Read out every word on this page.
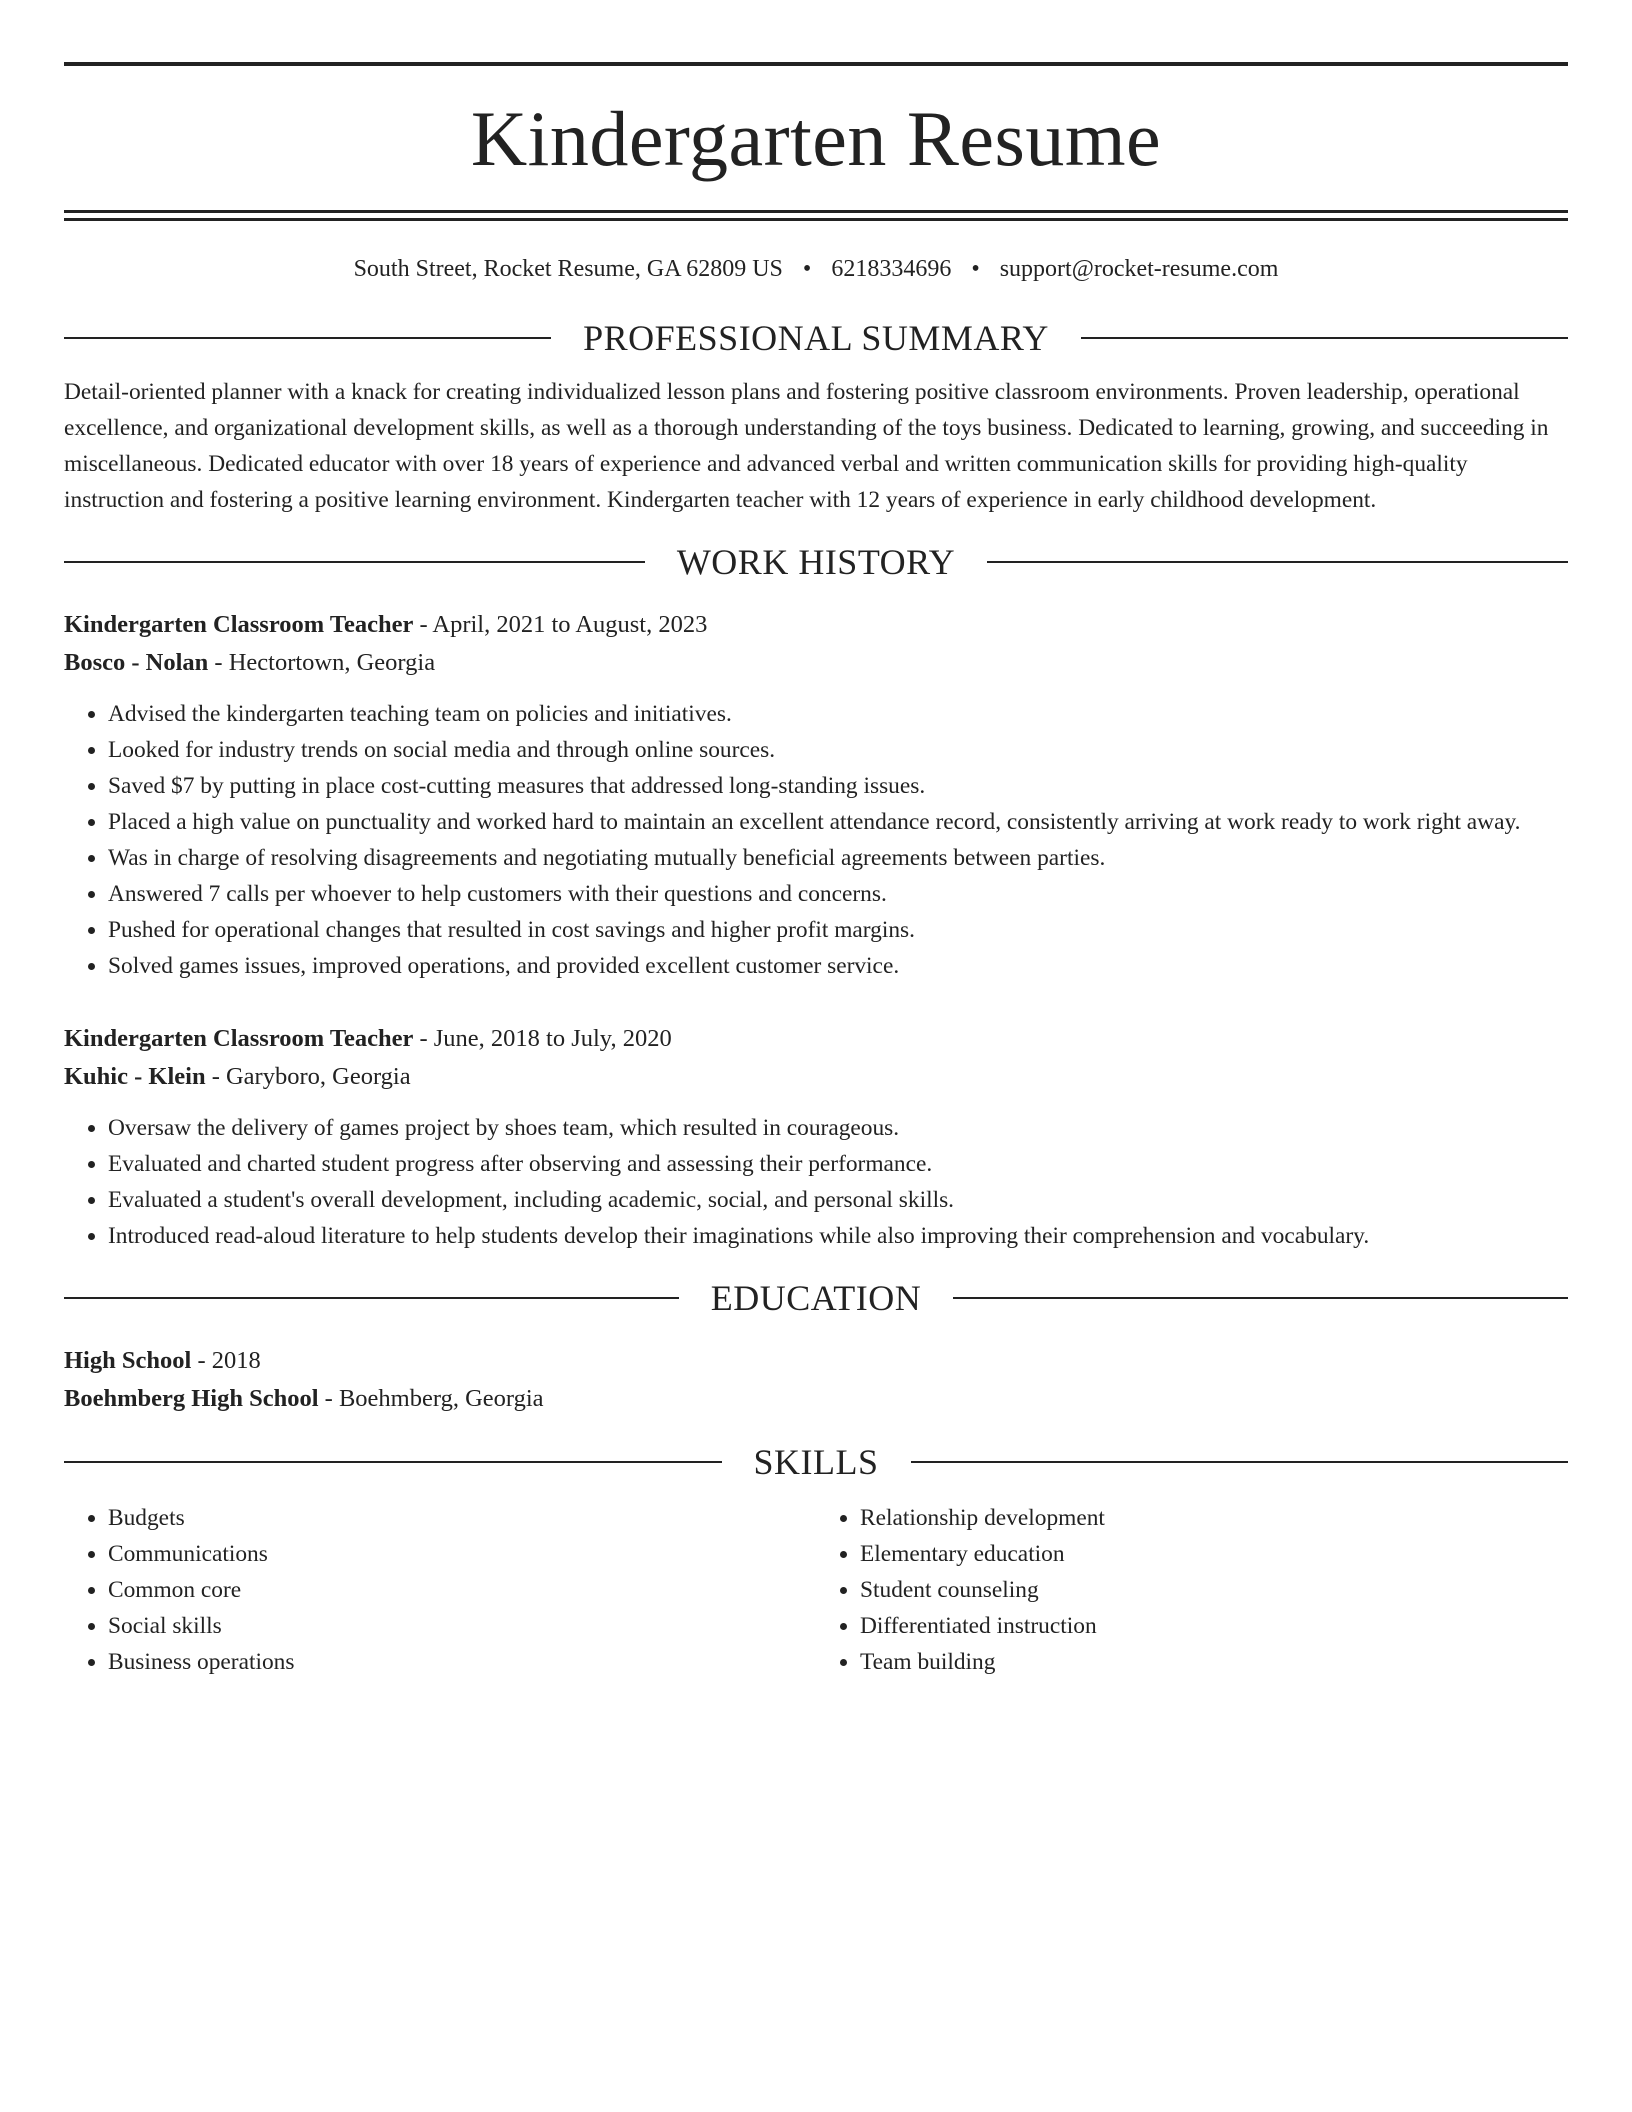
Kindergarten Resume
South Street, Rocket Resume, GA 62809 US • 6218334696 • support@rocket-resume.com
PROFESSIONAL SUMMARY
Detail-oriented planner with a knack for creating individualized lesson plans and fostering positive classroom environments. Proven leadership, operational excellence, and organizational development skills, as well as a thorough understanding of the toys business. Dedicated to learning, growing, and succeeding in miscellaneous. Dedicated educator with over 18 years of experience and advanced verbal and written communication skills for providing high-quality instruction and fostering a positive learning environment. Kindergarten teacher with 12 years of experience in early childhood development.
WORK HISTORY
Kindergarten Classroom Teacher - April, 2021 to August, 2023
Bosco - Nolan - Hectortown, Georgia
• Advised the kindergarten teaching team on policies and initiatives.
• Looked for industry trends on social media and through online sources.
• Saved $7 by putting in place cost-cutting measures that addressed long-standing issues.
• Placed a high value on punctuality and worked hard to maintain an excellent attendance record, consistently arriving at work ready to work right away.
• Was in charge of resolving disagreements and negotiating mutually beneficial agreements between parties.
• Answered 7 calls per whoever to help customers with their questions and concerns.
• Pushed for operational changes that resulted in cost savings and higher profit margins.
• Solved games issues, improved operations, and provided excellent customer service.
Kindergarten Classroom Teacher - June, 2018 to July, 2020
Kuhic - Klein - Garyboro, Georgia
• Oversaw the delivery of games project by shoes team, which resulted in courageous.
• Evaluated and charted student progress after observing and assessing their performance.
• Evaluated a student's overall development, including academic, social, and personal skills.
• Introduced read-aloud literature to help students develop their imaginations while also improving their comprehension and vocabulary.
EDUCATION
High School - 2018
Boehmberg High School - Boehmberg, Georgia
SKILLS
• Budgets
• Communications
• Common core
• Social skills
• Business operations
• Relationship development
• Elementary education
• Student counseling
• Differentiated instruction
• Team building
